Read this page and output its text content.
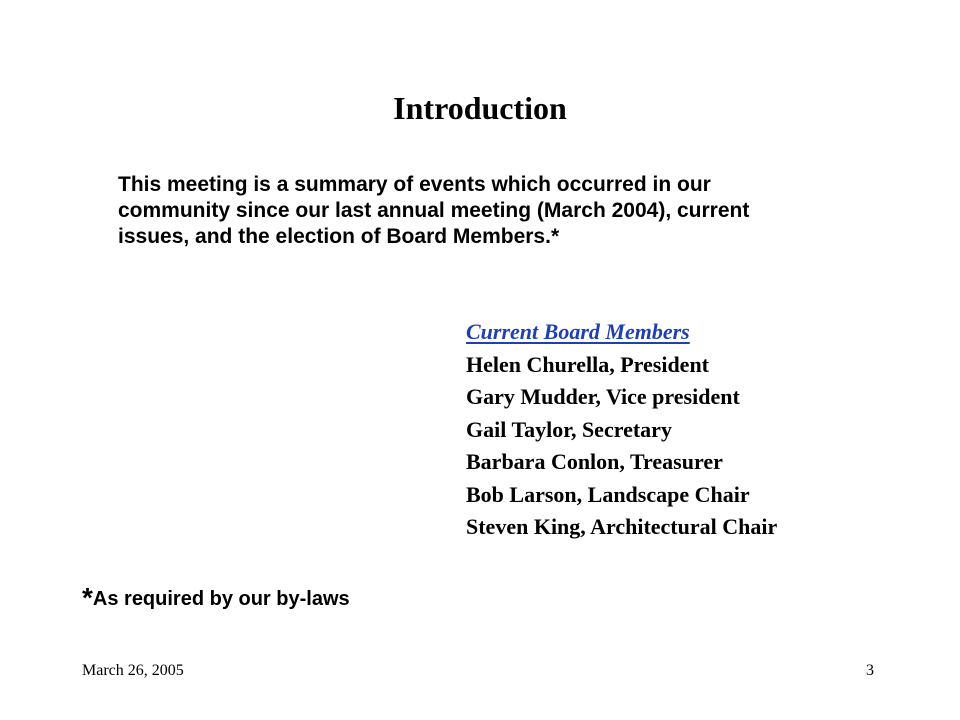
Introduction
This meeting is a summary of events which occurred in our
community since our last annual meeting (March 2004), current
issues, and the election of Board Members.*
Current Board Members
Helen Churella, President
Gary Mudder, Vice president
Gail Taylor, Secretary
Barbara Conlon, Treasurer
Bob Larson, Landscape Chair
Steven King, Architectural Chair
*As required by our by-laws
March 26, 2005	3
